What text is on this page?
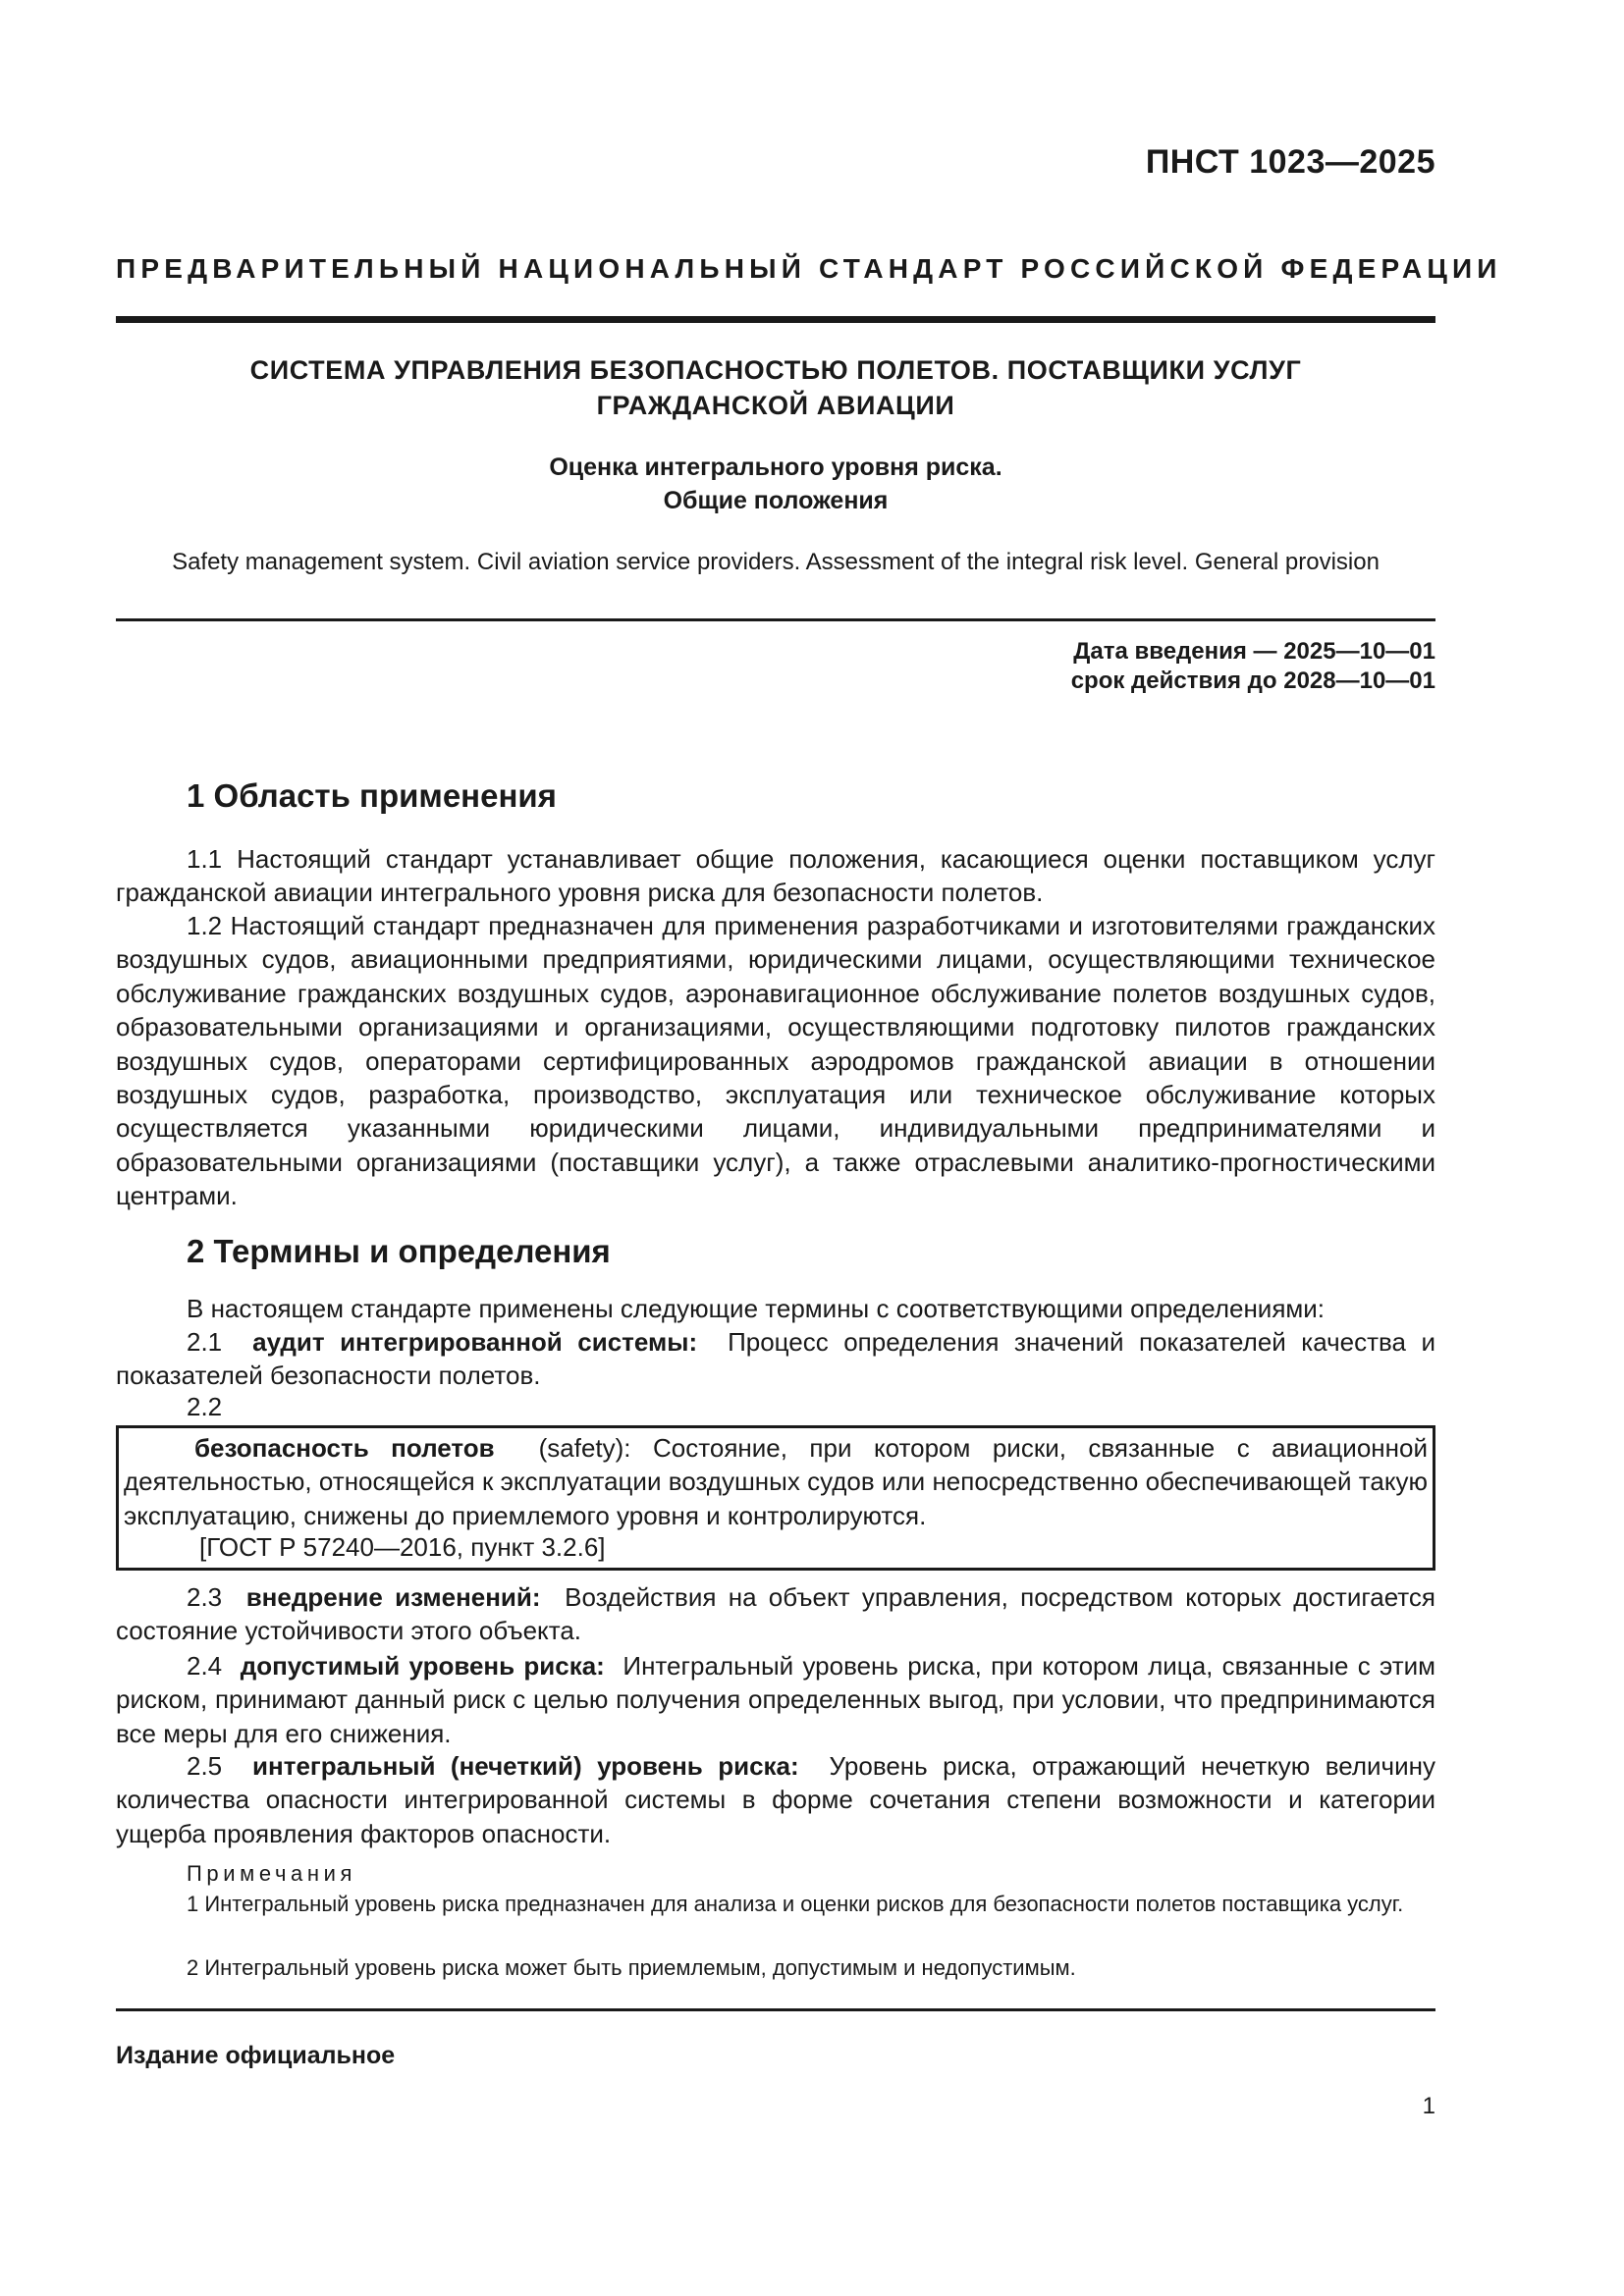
ПНСТ 1023—2025
ПРЕДВАРИТЕЛЬНЫЙ НАЦИОНАЛЬНЫЙ СТАНДАРТ РОССИЙСКОЙ ФЕДЕРАЦИИ
СИСТЕМА УПРАВЛЕНИЯ БЕЗОПАСНОСТЬЮ ПОЛЕТОВ. ПОСТАВЩИКИ УСЛУГ
ГРАЖДАНСКОЙ АВИАЦИИ
Оценка интегрального уровня риска.
Общие положения
Safety management system. Civil aviation service providers. Assessment of the integral risk level. General provision
Дата введения — 2025—10—01
срок действия до 2028—10—01
1 Область применения

1.1 Настоящий стандарт устанавливает общие положения, касающиеся оценки поставщиком услуг гражданской авиации интегрального уровня риска для безопасности полетов.

1.2 Настоящий стандарт предназначен для применения разработчиками и изготовителями гражданских воздушных судов, авиационными предприятиями, юридическими лицами, осуществляющими техническое обслуживание гражданских воздушных судов, аэронавигационное обслуживание полетов воздушных судов, образовательными организациями и организациями, осуществляющими подготовку пилотов гражданских воздушных судов, операторами сертифицированных аэродромов гражданской авиации в отношении воздушных судов, разработка, производство, эксплуатация или техническое обслуживание которых осуществляется указанными юридическими лицами, индивидуальными предпринимателями и образовательными организациями (поставщики услуг), а также отраслевыми аналитико-прогностическими центрами.

2 Термины и определения

В настоящем стандарте применены следующие термины с соответствующими определениями:

2.1 аудит интегрированной системы: Процесс определения значений показателей качества и показателей безопасности полетов.

2.2

безопасность полетов (safety): Состояние, при котором риски, связанные с авиационной деятельностью, относящейся к эксплуатации воздушных судов или непосредственно обеспечивающей такую эксплуатацию, снижены до приемлемого уровня и контролируются.

[ГОСТ Р 57240—2016, пункт 3.2.6]

2.3 внедрение изменений: Воздействия на объект управления, посредством которых достигается состояние устойчивости этого объекта.

2.4 допустимый уровень риска: Интегральный уровень риска, при котором лица, связанные с этим риском, принимают данный риск с целью получения определенных выгод, при условии, что предпринимаются все меры для его снижения.

2.5 интегральный (нечеткий) уровень риска: Уровень риска, отражающий нечеткую величину количества опасности интегрированной системы в форме сочетания степени возможности и категории ущерба проявления факторов опасности.

Примечания

1 Интегральный уровень риска предназначен для анализа и оценки рисков для безопасности полетов поставщика услуг.

2 Интегральный уровень риска может быть приемлемым, допустимым и недопустимым.

Издание официальное
1
